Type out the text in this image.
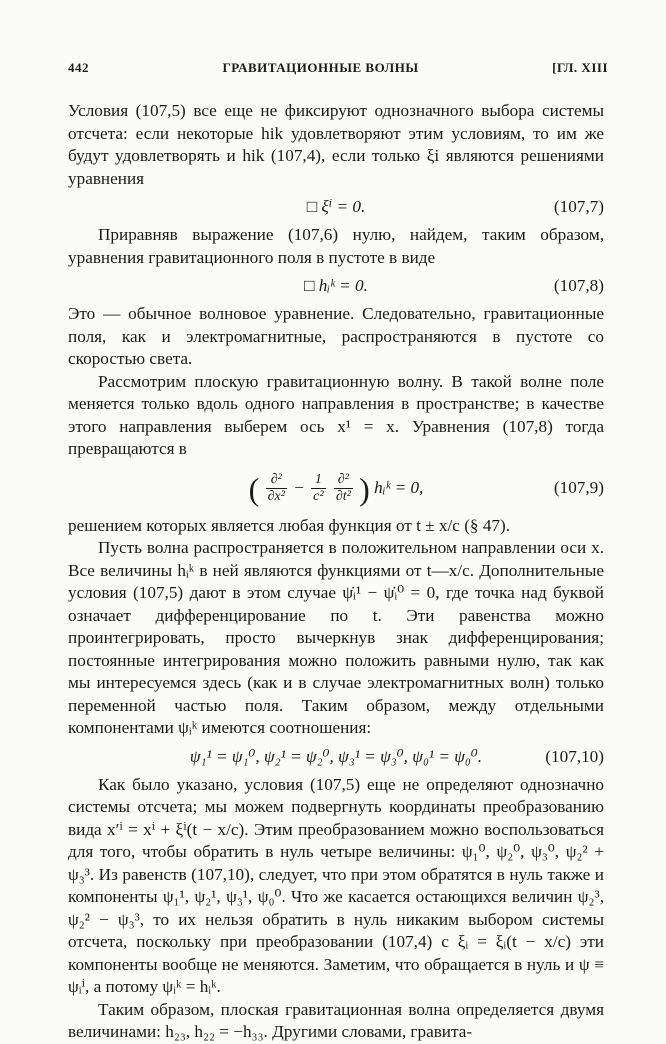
442	ГРАВИТАЦИОННЫЕ ВОЛНЫ	[ГЛ. XIII

Условия (107,5) все еще не фиксируют однозначного выбора системы отсчета: если некоторые hik удовлетворяют этим условиям, то им же будут удовлетворять и hik (107,4), если только ξi являются решениями уравнения

□ ξⁱ = 0.	(107,7)

Приравняв выражение (107,6) нулю, найдем, таким образом, уравнения гравитационного поля в пустоте в виде

□ hᵢᵏ = 0.	(107,8)

Это — обычное волновое уравнение. Следовательно, гравитационные поля, как и электромагнитные, распространяются в пустоте со скоростью света.

Рассмотрим плоскую гравитационную волну. В такой волне поле меняется только вдоль одного направления в пространстве; в качестве этого направления выберем ось x¹ = x. Уравнения (107,8) тогда превращаются в

( $\frac{\text{∂²}}{\text{∂x²}} - \frac{1}{\text{c²}}$
$\frac{\text{∂²}}{\text{∂t²}}$ ) hᵢᵏ = 0,	(107,9)

решением которых является любая функция от t ± x/c (§ 47).

Пусть волна распространяется в положительном направлении оси x. Все величины hᵢᵏ в ней являются функциями от t—x/c. Дополнительные условия (107,5) дают в этом случае ψ̇ᵢ¹ − ψ̇ᵢ⁰ = 0, где точка над буквой означает дифференцирование по t. Эти равенства можно проинтегрировать, просто вычеркнув знак дифференцирования; постоянные интегрирования можно положить равными нулю, так как мы интересуемся здесь (как и в случае электромагнитных волн) только переменной частью поля. Таким образом, между отдельными компонентами ψᵢᵏ имеются соотношения:

ψ₁¹ = ψ₁⁰, ψ₂¹ = ψ₂⁰, ψ₃¹ = ψ₃⁰, ψ₀¹ = ψ₀⁰.	(107,10)

Как было указано, условия (107,5) еще не определяют однозначно системы отсчета; мы можем подвергнуть координаты преобразованию вида x′ⁱ = xⁱ + ξⁱ(t − x/c). Этим преобразованием можно воспользоваться для того, чтобы обратить в нуль четыре величины: ψ₁⁰, ψ₂⁰, ψ₃⁰, ψ₂² + ψ₃³. Из равенств (107,10), следует, что при этом обратятся в нуль также и компоненты ψ₁¹, ψ₂¹, ψ₃¹, ψ₀⁰. Что же касается остающихся величин ψ₂³, ψ₂² − ψ₃³, то их нельзя обратить в нуль никаким выбором системы отсчета, поскольку при преобразовании (107,4) с ξᵢ = ξᵢ(t − x/c) эти компоненты вообще не меняются. Заметим, что обращается в нуль и ψ ≡ ψᵢⁱ, а потому ψᵢᵏ = hᵢᵏ.

Таким образом, плоская гравитационная волна определяется двумя величинами: h₂₃, h₂₂ = −h₃₃. Другими словами, гравита-
